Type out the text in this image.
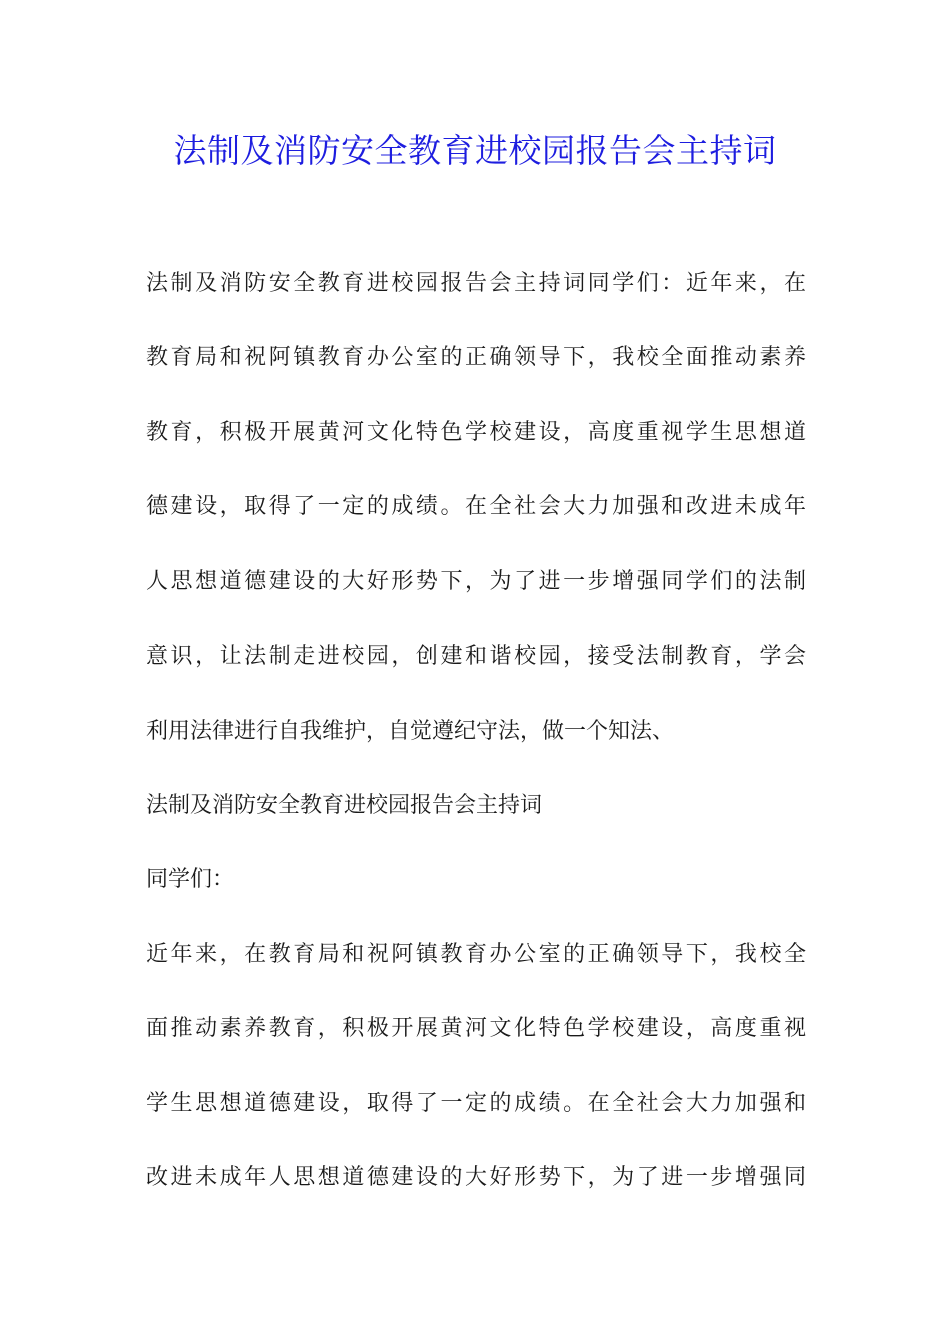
法制及消防安全教育进校园报告会主持词

法制及消防安全教育进校园报告会主持词同学们：近年来，在

教育局和祝阿镇教育办公室的正确领导下，我校全面推动素养

教育，积极开展黄河文化特色学校建设，高度重视学生思想道

德建设，取得了一定的成绩。在全社会大力加强和改进未成年

人思想道德建设的大好形势下，为了进一步增强同学们的法制

意识，让法制走进校园，创建和谐校园，接受法制教育，学会

利用法律进行自我维护，自觉遵纪守法，做一个知法、

法制及消防安全教育进校园报告会主持词

同学们：

近年来，在教育局和祝阿镇教育办公室的正确领导下，我校全

面推动素养教育，积极开展黄河文化特色学校建设，高度重视

学生思想道德建设，取得了一定的成绩。在全社会大力加强和

改进未成年人思想道德建设的大好形势下，为了进一步增强同
